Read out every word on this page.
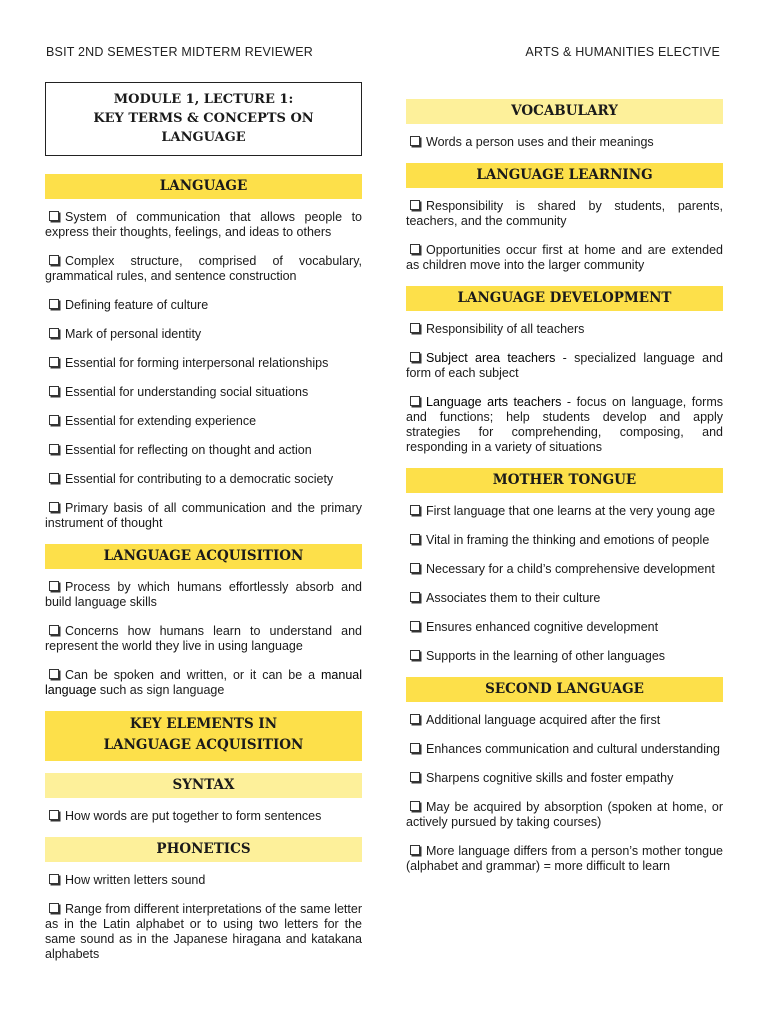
BSIT 2ND SEMESTER MIDTERM REVIEWER	ARTS & HUMANITIES ELECTIVE
MODULE 1, LECTURE 1:
KEY TERMS & CONCEPTS ON LANGUAGE
LANGUAGE
System of communication that allows people to express their thoughts, feelings, and ideas to others
Complex structure, comprised of vocabulary, grammatical rules, and sentence construction
Defining feature of culture
Mark of personal identity
Essential for forming interpersonal relationships
Essential for understanding social situations
Essential for extending experience
Essential for reflecting on thought and action
Essential for contributing to a democratic society
Primary basis of all communication and the primary instrument of thought
LANGUAGE ACQUISITION
Process by which humans effortlessly absorb and build language skills
Concerns how humans learn to understand and represent the world they live in using language
Can be spoken and written, or it can be a manual language such as sign language
KEY ELEMENTS IN
LANGUAGE ACQUISITION
SYNTAX
How words are put together to form sentences
PHONETICS
How written letters sound
Range from different interpretations of the same letter as in the Latin alphabet or to using two letters for the same sound as in the Japanese hiragana and katakana alphabets
VOCABULARY
Words a person uses and their meanings
LANGUAGE LEARNING
Responsibility is shared by students, parents, teachers, and the community
Opportunities occur first at home and are extended as children move into the larger community
LANGUAGE DEVELOPMENT
Responsibility of all teachers
Subject area teachers - specialized language and form of each subject
Language arts teachers - focus on language, forms and functions; help students develop and apply strategies for comprehending, composing, and responding in a variety of situations
MOTHER TONGUE
First language that one learns at the very young age
Vital in framing the thinking and emotions of people
Necessary for a child’s comprehensive development
Associates them to their culture
Ensures enhanced cognitive development
Supports in the learning of other languages
SECOND LANGUAGE
Additional language acquired after the first
Enhances communication and cultural understanding
Sharpens cognitive skills and foster empathy
May be acquired by absorption (spoken at home, or actively pursued by taking courses)
More language differs from a person’s mother tongue (alphabet and grammar) = more difficult to learn
